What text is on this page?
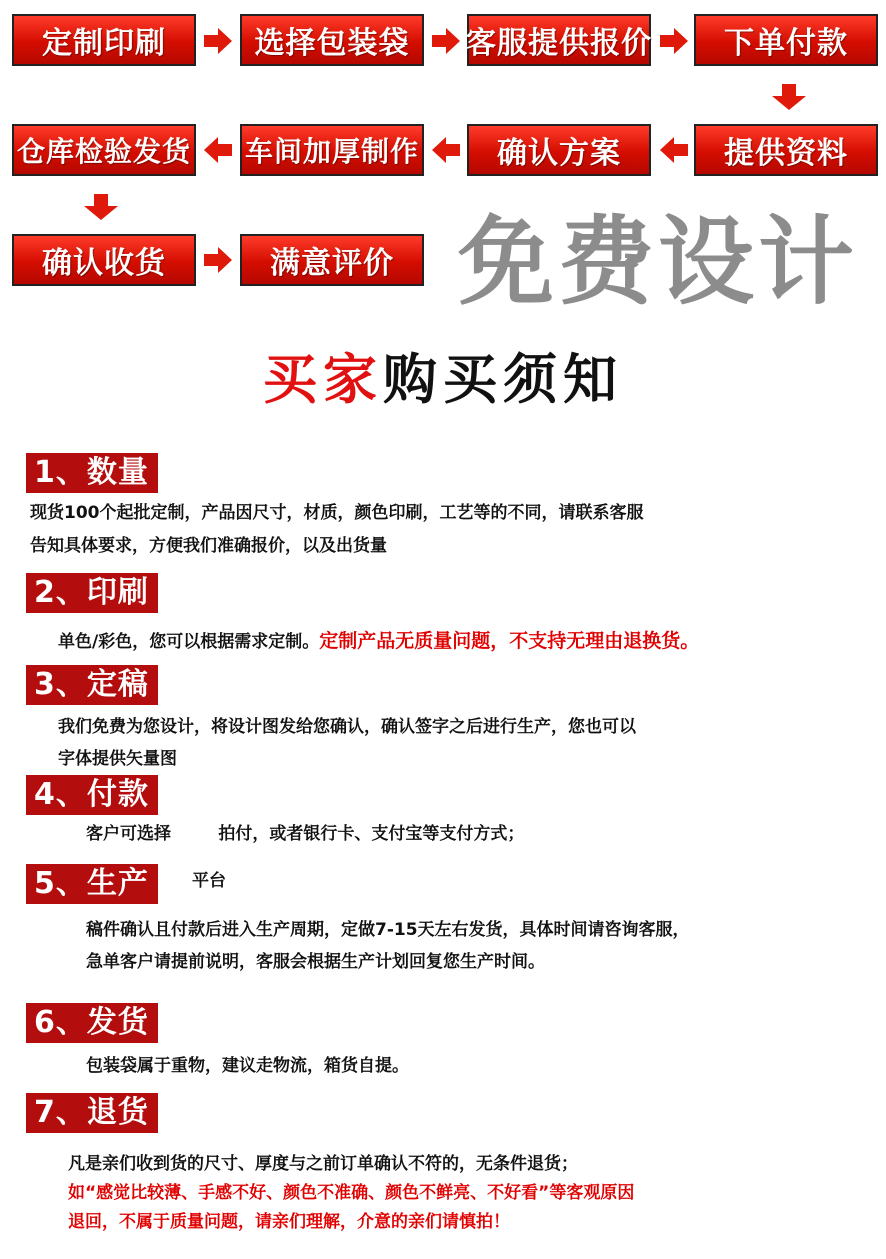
定制印刷	选择包装袋	客服提供报价	下单付款
提供资料
确认方案
车间加厚制作
仓库检验发货
确认收货	满意评价 免费设计
买家购买须知
1、数量
现货100个起批定制，产品因尺寸，材质，颜色印刷，工艺等的不同，请联系客服
告知具体要求，方便我们准确报价，以及出货量
2、印刷
单色/彩色，您可以根据需求定制。定制产品无质量问题，不支持无理由退换货。
3、定稿
我们免费为您设计，将设计图发给您确认，确认签字之后进行生产，您也可以
字体提供矢量图
4、付款
客户可选择        拍付，或者银行卡、支付宝等支付方式；
5、生产	平台
稿件确认且付款后进入生产周期，定做7-15天左右发货，具体时间请咨询客服，
急单客户请提前说明，客服会根据生产计划回复您生产时间。
6、发货
包装袋属于重物，建议走物流，箱货自提。
7、退货
凡是亲们收到货的尺寸、厚度与之前订单确认不符的，无条件退货；
如“感觉比较薄、手感不好、颜色不准确、颜色不鲜亮、不好看”等客观原因
退回，不属于质量问题，请亲们理解，介意的亲们请慎拍！
